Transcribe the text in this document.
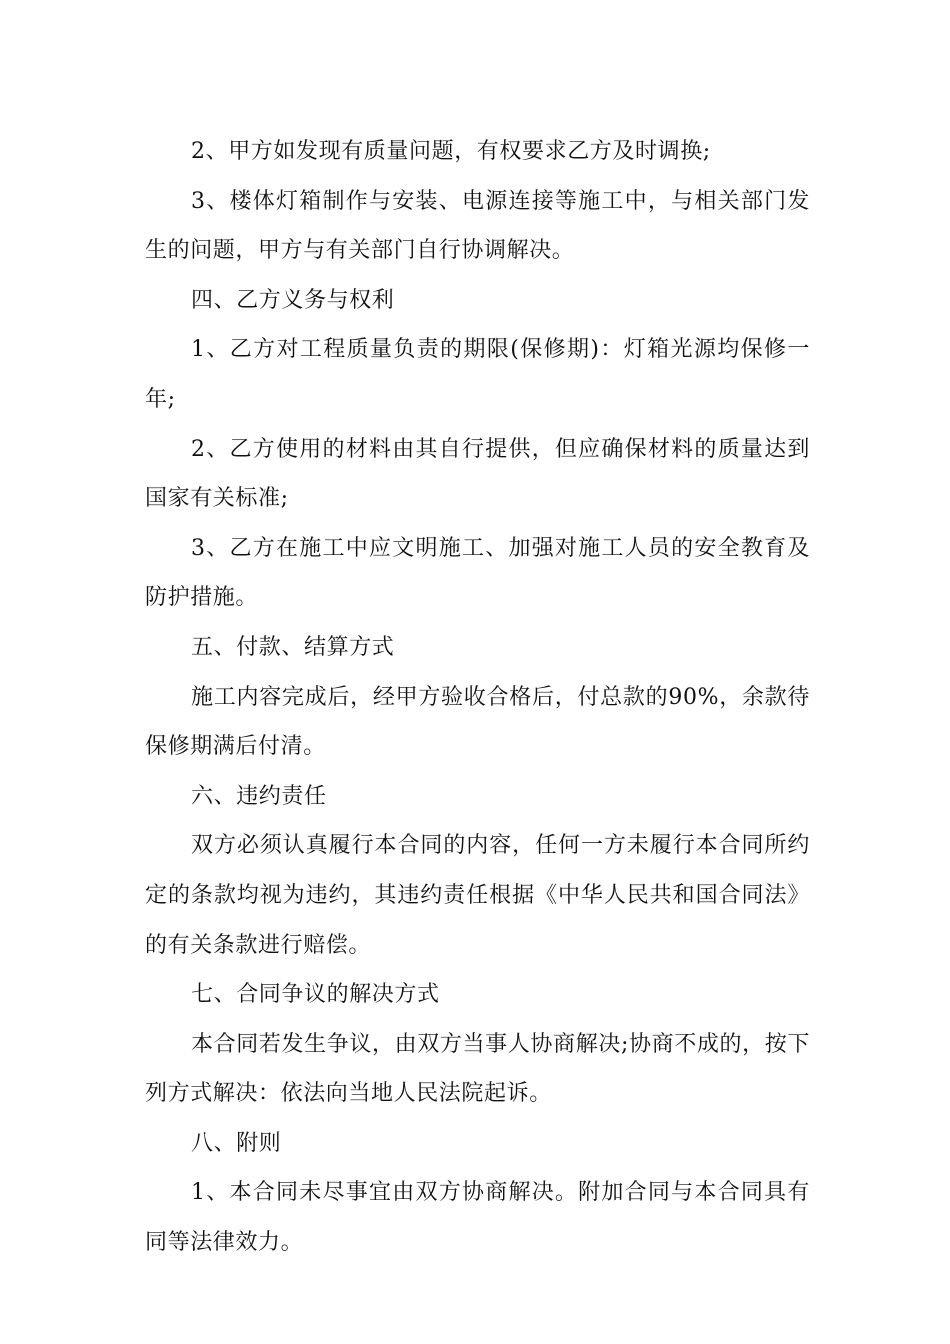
2、甲方如发现有质量问题，有权要求乙方及时调换;

3、楼体灯箱制作与安装、电源连接等施工中，与相关部门发生的问题，甲方与有关部门自行协调解决。

四、乙方义务与权利

1、乙方对工程质量负责的期限(保修期)：灯箱光源均保修一年;

2、乙方使用的材料由其自行提供，但应确保材料的质量达到国家有关标准;

3、乙方在施工中应文明施工、加强对施工人员的安全教育及防护措施。

五、付款、结算方式

施工内容完成后，经甲方验收合格后，付总款的90%，余款待保修期满后付清。

六、违约责任

双方必须认真履行本合同的内容，任何一方未履行本合同所约定的条款均视为违约，其违约责任根据《中华人民共和国合同法》的有关条款进行赔偿。

七、合同争议的解决方式

本合同若发生争议，由双方当事人协商解决;协商不成的，按下列方式解决：依法向当地人民法院起诉。

八、附则

1、本合同未尽事宜由双方协商解决。附加合同与本合同具有同等法律效力。
